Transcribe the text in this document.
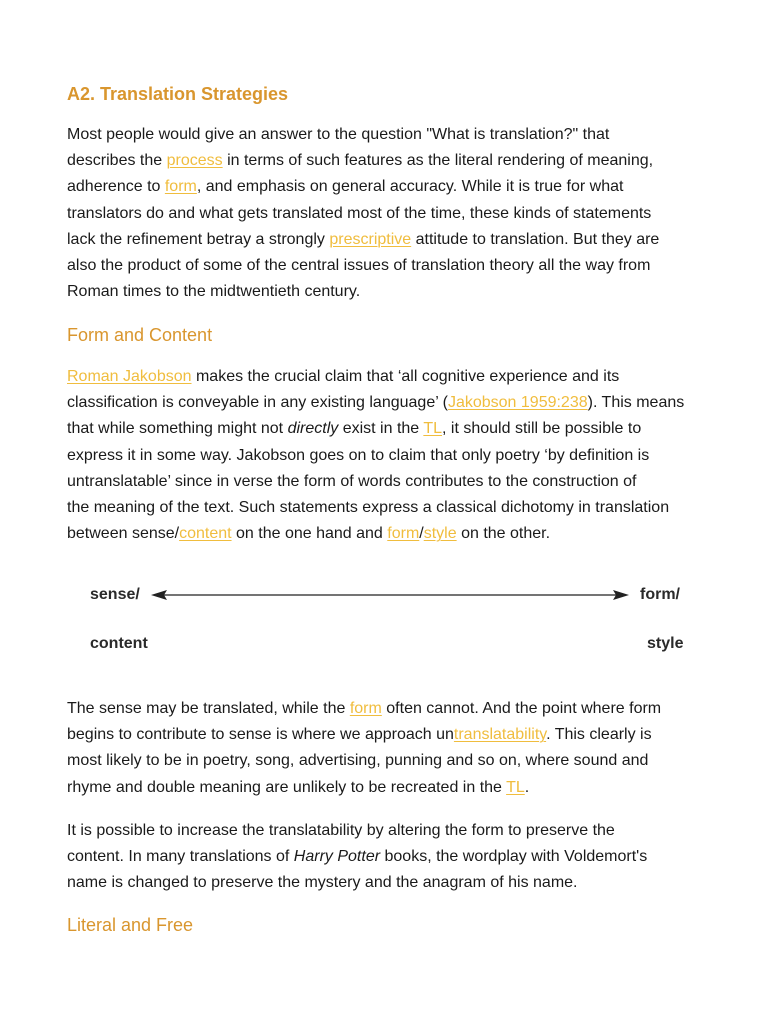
A2. Translation Strategies

Most people would give an answer to the question "What is translation?" that
describes the process in terms of such features as the literal rendering of meaning,
adherence to form, and emphasis on general accuracy. While it is true for what
translators do and what gets translated most of the time, these kinds of statements
lack the refinement betray a strongly prescriptive attitude to translation. But they are
also the product of some of the central issues of translation theory all the way from
Roman times to the midtwentieth century.

Form and Content

Roman Jakobson makes the crucial claim that ‘all cognitive experience and its
classification is conveyable in any existing language’ (Jakobson 1959:238). This means
that while something might not directly exist in the TL, it should still be possible to
express it in some way. Jakobson goes on to claim that only poetry ‘by definition is
untranslatable’ since in verse the form of words contributes to the construction of
the meaning of the text. Such statements express a classical dichotomy in translation
between sense/content on the one hand and form/style on the other.

sense/
content
form/
style

The sense may be translated, while the form often cannot. And the point where form
begins to contribute to sense is where we approach untranslatability. This clearly is
most likely to be in poetry, song, advertising, punning and so on, where sound and
rhyme and double meaning are unlikely to be recreated in the TL.

It is possible to increase the translatability by altering the form to preserve the
content. In many translations of Harry Potter books, the wordplay with Voldemort's
name is changed to preserve the mystery and the anagram of his name.

Literal and Free
